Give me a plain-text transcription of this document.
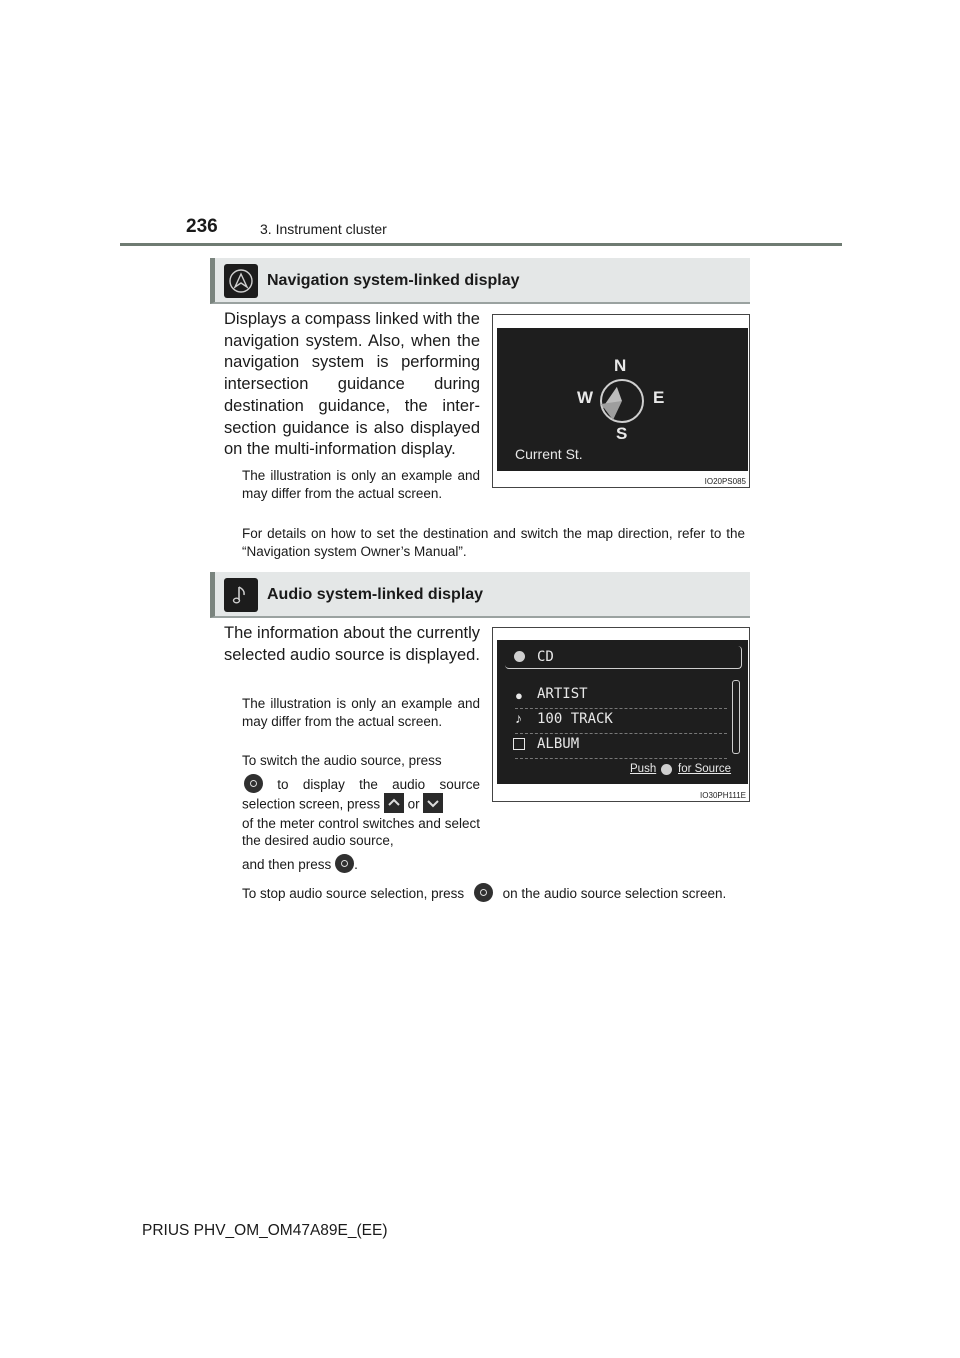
236	3. Instrument cluster
Navigation system-linked display
Displays a compass linked with the navigation system. Also, when the navigation system is performing intersection guidance during destination guidance, the intersection guidance is also displayed on the multi-information display.
The illustration is only an example and may differ from the actual screen.
For details on how to set the destination and switch the map direction, refer to the “Navigation system Owner’s Manual”.
N
W	E
S
Current St.
IO20PS085
Audio system-linked display
The information about the currently selected audio source is displayed.
The illustration is only an example and may differ from the actual screen.
To switch the audio source, press
to display the audio source selection screen, press or
of the meter control switches and select the desired audio source,
and then press .
To stop audio source selection, press	on the audio source selection screen.
CD
● ARTIST
♪ 100 TRACK
ALBUM
Push for Source
IO30PH111E
PRIUS PHV_OM_OM47A89E_(EE)
